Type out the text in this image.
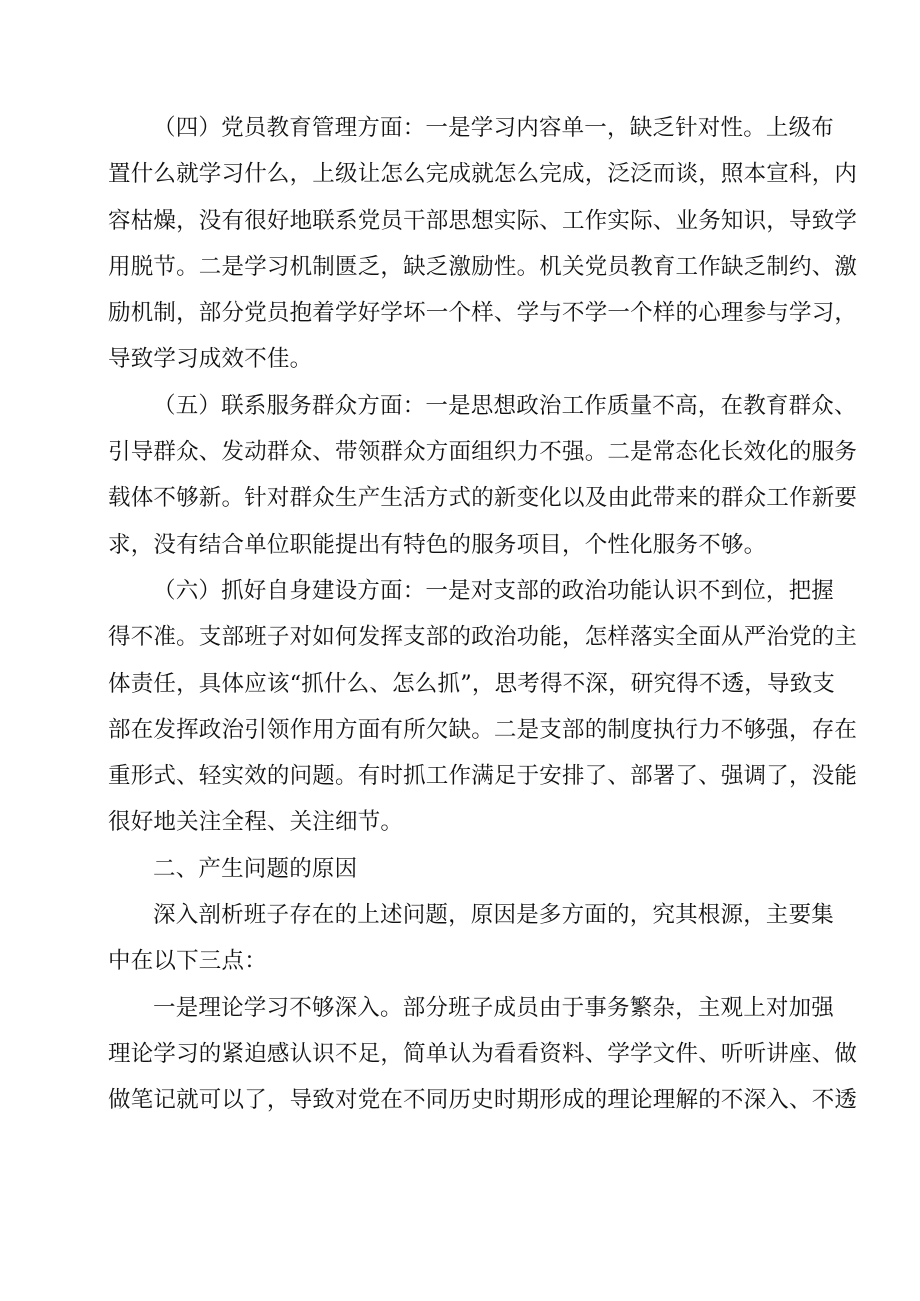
（四）党员教育管理方面：一是学习内容单一，缺乏针对性。上级布
置什么就学习什么，上级让怎么完成就怎么完成，泛泛而谈，照本宣科，内
容枯燥，没有很好地联系党员干部思想实际、工作实际、业务知识，导致学
用脱节。二是学习机制匮乏，缺乏激励性。机关党员教育工作缺乏制约、激
励机制，部分党员抱着学好学坏一个样、学与不学一个样的心理参与学习，
导致学习成效不佳。
（五）联系服务群众方面：一是思想政治工作质量不高，在教育群众、
引导群众、发动群众、带领群众方面组织力不强。二是常态化长效化的服务
载体不够新。针对群众生产生活方式的新变化以及由此带来的群众工作新要
求，没有结合单位职能提出有特色的服务项目，个性化服务不够。
（六）抓好自身建设方面：一是对支部的政治功能认识不到位，把握
得不准。支部班子对如何发挥支部的政治功能，怎样落实全面从严治党的主
体责任，具体应该“抓什么、怎么抓”，思考得不深，研究得不透，导致支
部在发挥政治引领作用方面有所欠缺。二是支部的制度执行力不够强，存在
重形式、轻实效的问题。有时抓工作满足于安排了、部署了、强调了，没能
很好地关注全程、关注细节。
二、产生问题的原因
深入剖析班子存在的上述问题，原因是多方面的，究其根源，主要集
中在以下三点：
一是理论学习不够深入。部分班子成员由于事务繁杂，主观上对加强
理论学习的紧迫感认识不足，简单认为看看资料、学学文件、听听讲座、做
做笔记就可以了，导致对党在不同历史时期形成的理论理解的不深入、不透
